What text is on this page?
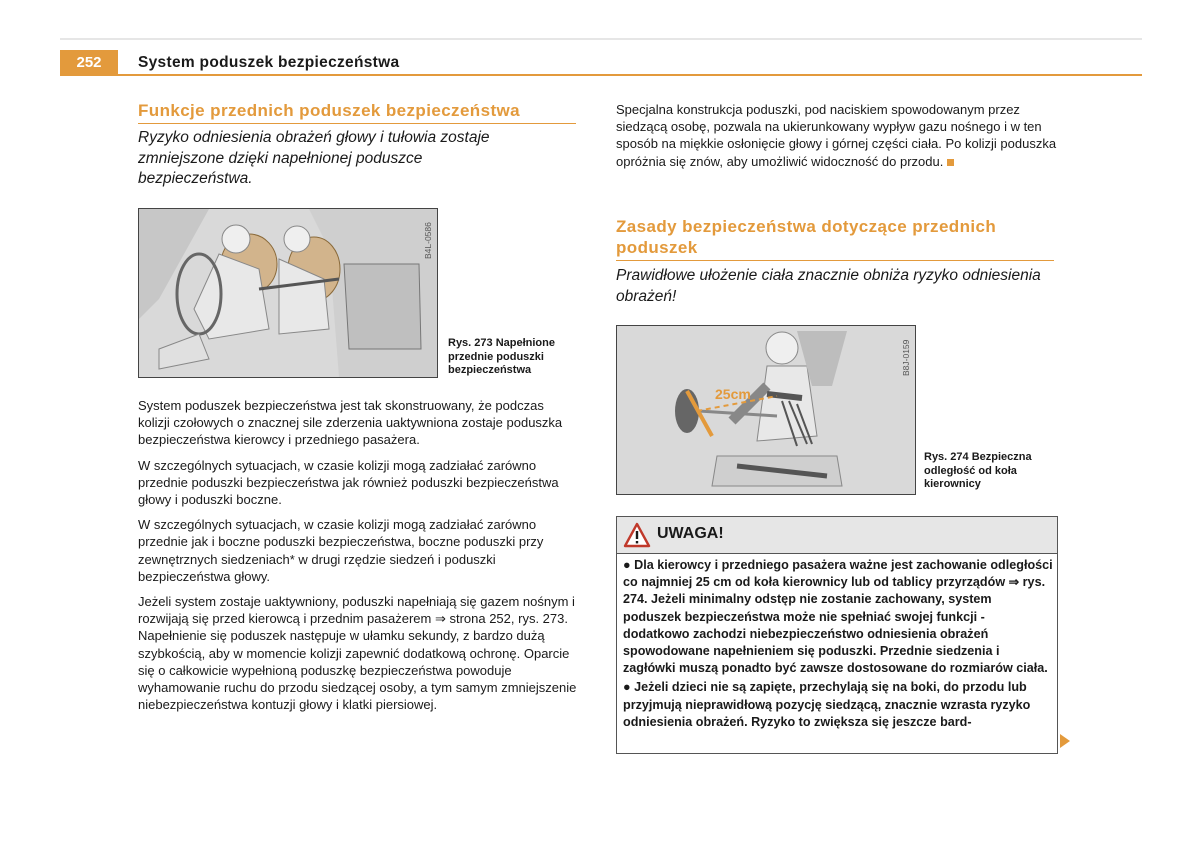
252	System poduszek bezpieczeństwa
Funkcje przednich poduszek bezpieczeństwa
Ryzyko odniesienia obrażeń głowy i tułowia zostaje zmniejszone dzięki napełnionej poduszce bezpieczeństwa.
B4L-0586
Rys. 273 Napełnione przednie poduszki bezpieczeństwa

System poduszek bezpieczeństwa jest tak skonstruowany, że podczas kolizji czołowych o znacznej sile zderzenia uaktywniona zostaje poduszka bezpieczeństwa kierowcy i przedniego pasażera.

W szczególnych sytuacjach, w czasie kolizji mogą zadziałać zarówno przednie poduszki bezpieczeństwa jak również poduszki bezpieczeństwa głowy i poduszki boczne.

W szczególnych sytuacjach, w czasie kolizji mogą zadziałać zarówno przednie jak i boczne poduszki bezpieczeństwa, boczne poduszki przy zewnętrznych siedzeniach* w drugi rzędzie siedzeń i poduszki bezpieczeństwa głowy.

Jeżeli system zostaje uaktywniony, poduszki napełniają się gazem nośnym i rozwijają się przed kierowcą i przednim pasażerem ⇒ strona 252, rys. 273. Napełnienie się poduszek następuje w ułamku sekundy, z bardzo dużą szybkością, aby w momencie kolizji zapewnić dodatkową ochronę. Oparcie się o całkowicie wypełnioną poduszkę bezpieczeństwa powoduje wyhamowanie ruchu do przodu siedzącej osoby, a tym samym zmniejszenie niebezpieczeństwa kontuzji głowy i klatki piersiowej.

Specjalna konstrukcja poduszki, pod naciskiem spowodowanym przez siedzącą osobę, pozwala na ukierunkowany wypływ gazu nośnego i w ten sposób na miękkie osłonięcie głowy i górnej części ciała. Po kolizji poduszka opróżnia się znów, aby umożliwić widoczność do przodu.

Zasady bezpieczeństwa dotyczące przednich poduszek
Prawidłowe ułożenie ciała znacznie obniża ryzyko odniesienia obrażeń!
25cm
B8J-0159
Rys. 274 Bezpieczna odległość od koła kierownicy
UWAGA!

● Dla kierowcy i przedniego pasażera ważne jest zachowanie odległości co najmniej 25 cm od koła kierownicy lub od tablicy przyrządów ⇒ rys. 274. Jeżeli minimalny odstęp nie zostanie zachowany, system poduszek bezpieczeństwa może nie spełniać swojej funkcji - dodatkowo zachodzi niebezpieczeństwo odniesienia obrażeń spowodowane napełnieniem się poduszki. Przednie siedzenia i zagłówki muszą ponadto być zawsze dostosowane do rozmiarów ciała.

● Jeżeli dzieci nie są zapięte, przechylają się na boki, do przodu lub przyjmują nieprawidłową pozycję siedzącą, znacznie wzrasta ryzyko odniesienia obrażeń. Ryzyko to zwiększa się jeszcze bard-
